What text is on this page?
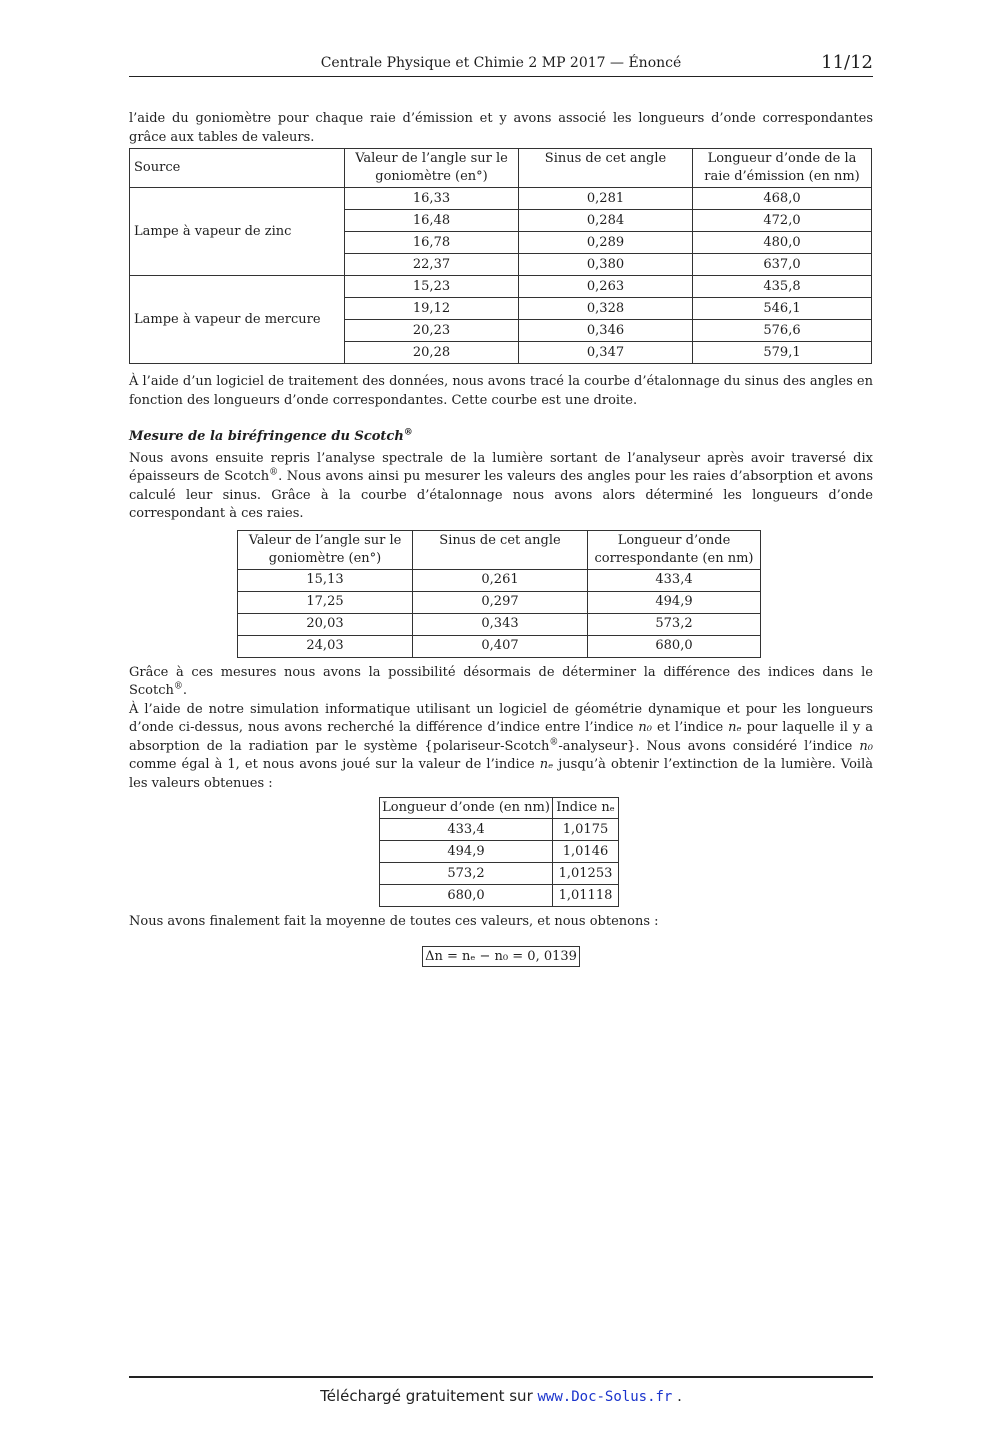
Centrale Physique et Chimie 2 MP 2017 — Énoncé	11/12

l’aide du goniomètre pour chaque raie d’émission et y avons associé les longueurs d’onde correspondantes grâce aux tables de valeurs.

Source	Valeur de l’angle sur le goniomètre (en°)	Sinus de cet angle	Longueur d’onde de la raie d’émission (en nm)
Lampe à vapeur de zinc	16,33	0,281	468,0
	16,48	0,284	472,0
	16,78	0,289	480,0
	22,37	0,380	637,0
Lampe à vapeur de mercure	15,23	0,263	435,8
	19,12	0,328	546,1
	20,23	0,346	576,6
	20,28	0,347	579,1

À l’aide d’un logiciel de traitement des données, nous avons tracé la courbe d’étalonnage du sinus des angles en fonction des longueurs d’onde correspondantes. Cette courbe est une droite.

Mesure de la biréfringence du Scotch®

Nous avons ensuite repris l’analyse spectrale de la lumière sortant de l’analyseur après avoir traversé dix épaisseurs de Scotch®. Nous avons ainsi pu mesurer les valeurs des angles pour les raies d’absorption et avons calculé leur sinus. Grâce à la courbe d’étalonnage nous avons alors déterminé les longueurs d’onde correspondant à ces raies.

Valeur de l’angle sur le goniomètre (en°)	Sinus de cet angle	Longueur d’onde correspondante (en nm)
15,13	0,261	433,4
17,25	0,297	494,9
20,03	0,343	573,2
24,03	0,407	680,0

Grâce à ces mesures nous avons la possibilité désormais de déterminer la différence des indices dans le Scotch®.
À l’aide de notre simulation informatique utilisant un logiciel de géométrie dynamique et pour les longueurs d’onde ci-dessus, nous avons recherché la différence d’indice entre l’indice n₀ et l’indice nₑ pour laquelle il y a absorption de la radiation par le système {polariseur-Scotch®-analyseur}. Nous avons considéré l’indice n₀ comme égal à 1, et nous avons joué sur la valeur de l’indice nₑ jusqu’à obtenir l’extinction de la lumière. Voilà les valeurs obtenues :

Longueur d’onde (en nm)	Indice nₑ
433,4	1,0175
494,9	1,0146
573,2	1,01253
680,0	1,01118

Nous avons finalement fait la moyenne de toutes ces valeurs, et nous obtenons :

Δn = nₑ − n₀ = 0, 0139
Téléchargé gratuitement sur www.Doc-Solus.fr .
